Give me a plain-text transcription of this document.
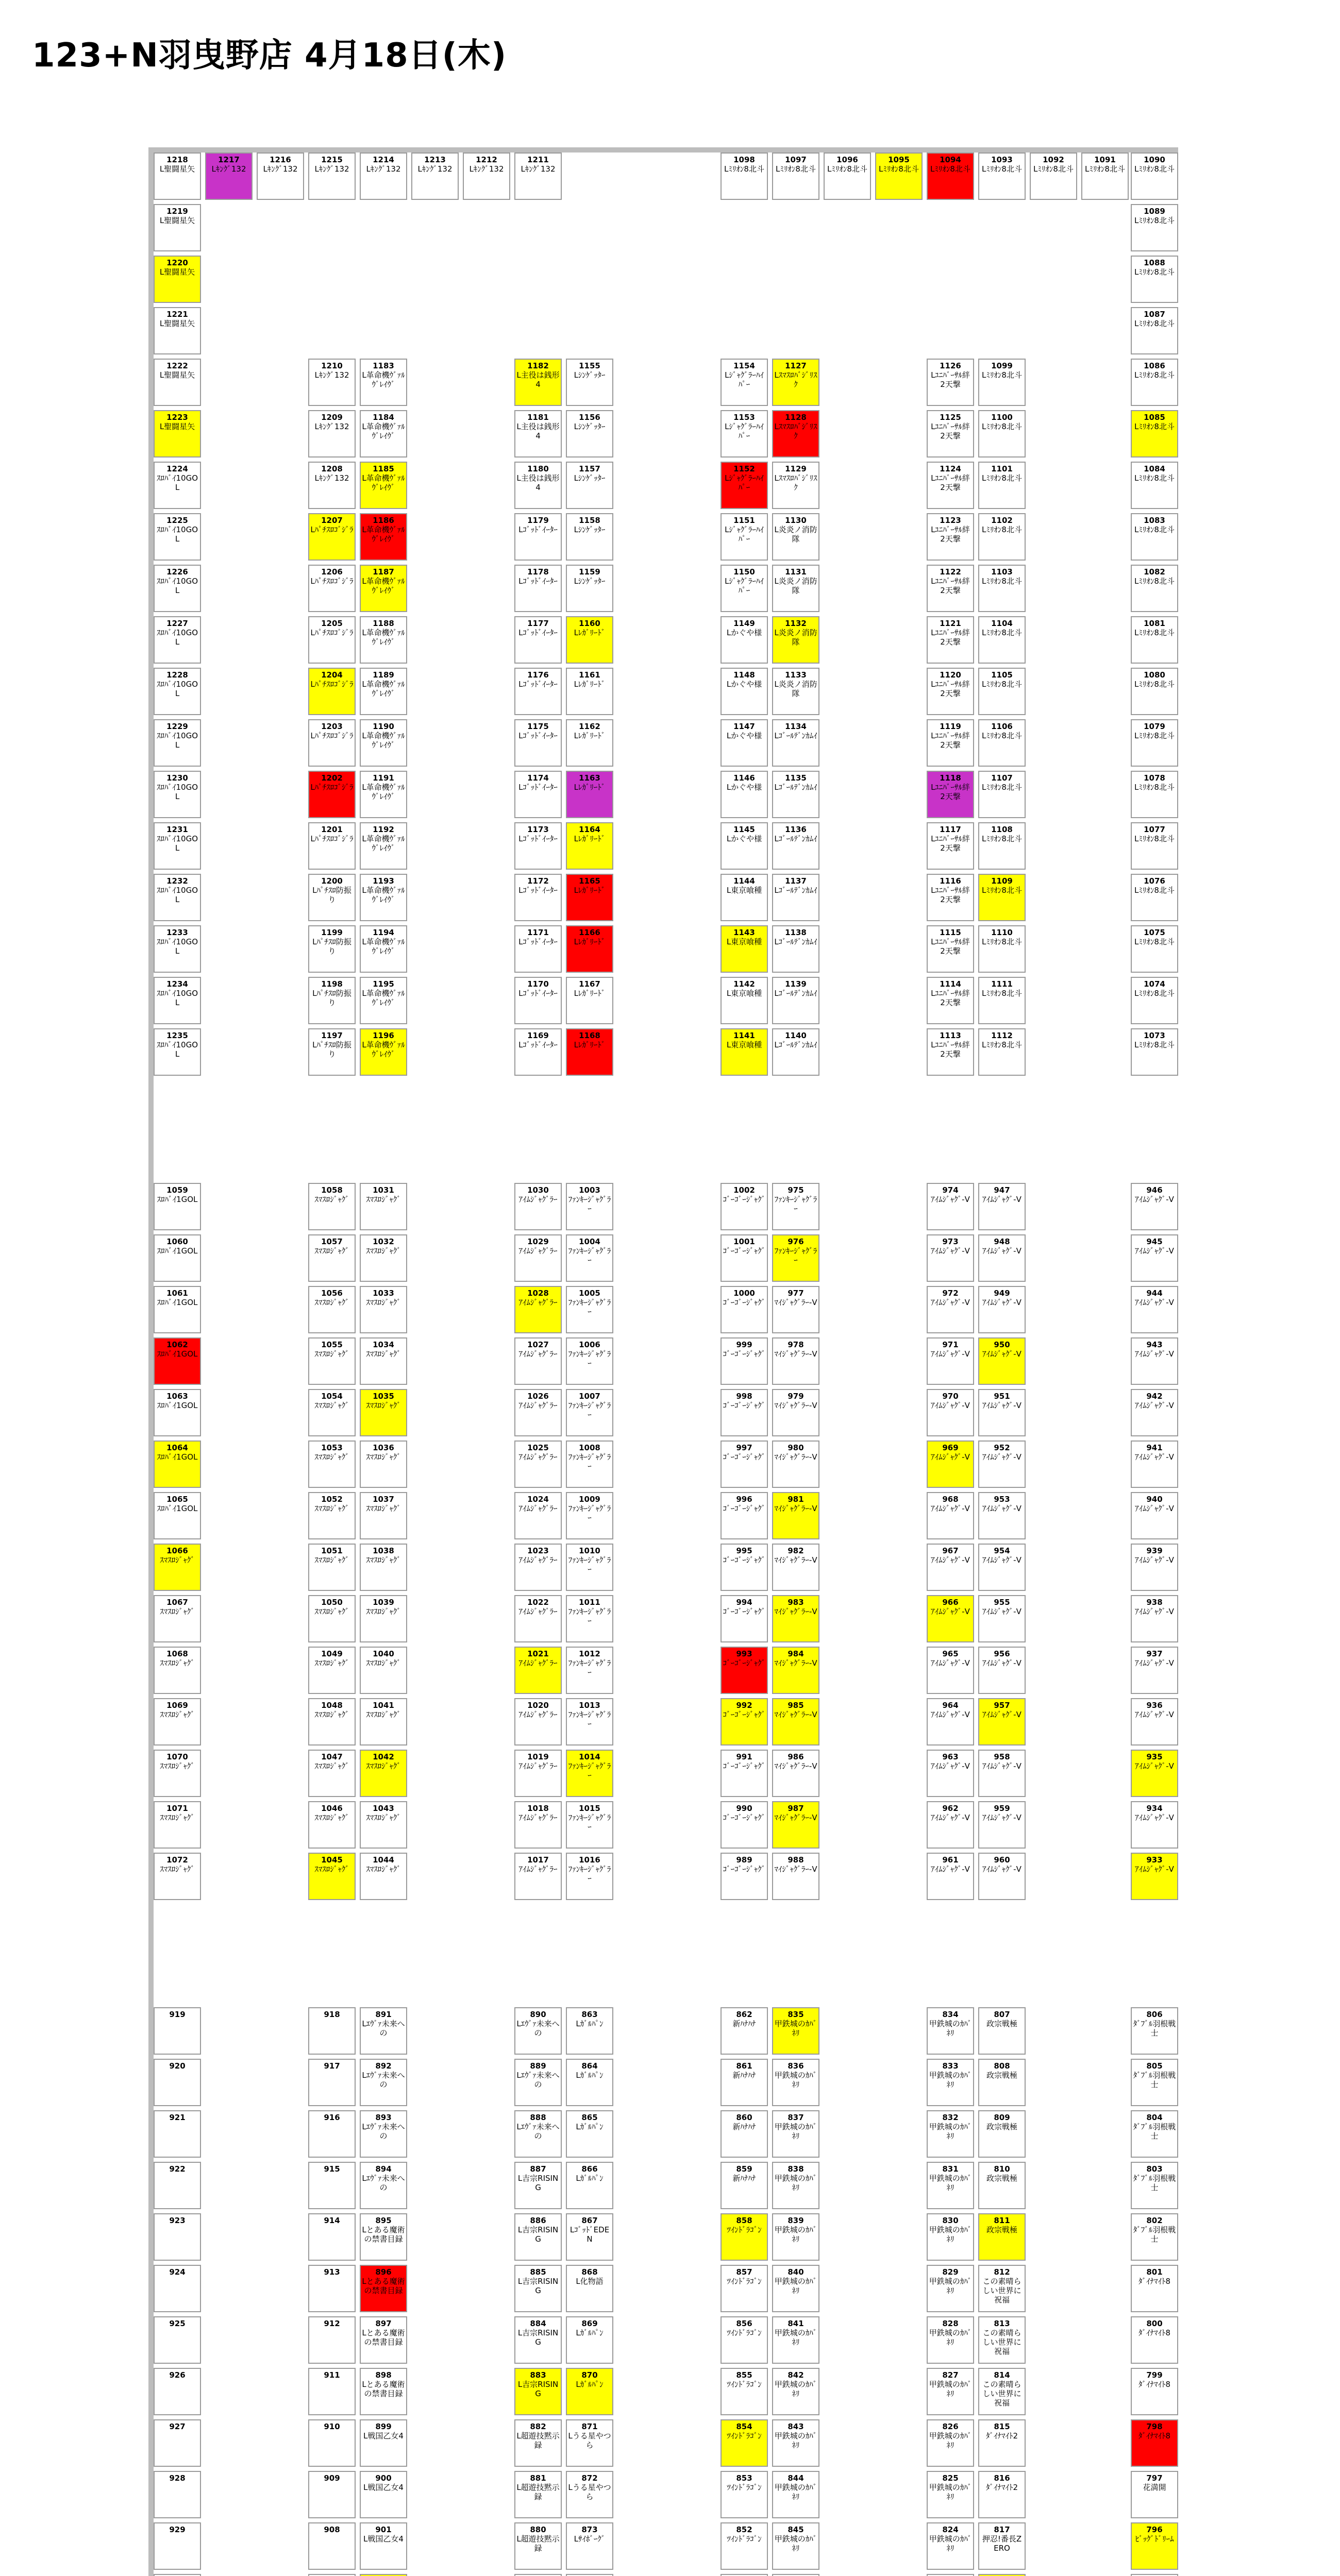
123+N羽曳野店 4月18日(木)
1218
L聖闘星矢
1217
Lｷﾝｸﾞ132
1216
Lｷﾝｸﾞ132
1215
Lｷﾝｸﾞ132
1214
Lｷﾝｸﾞ132
1213
Lｷﾝｸﾞ132
1212
Lｷﾝｸﾞ132
1211
Lｷﾝｸﾞ132
1098
Lﾐﾘｵﾝ8北斗
1097
Lﾐﾘｵﾝ8北斗
1096
Lﾐﾘｵﾝ8北斗
1095
Lﾐﾘｵﾝ8北斗
1094
Lﾐﾘｵﾝ8北斗
1093
Lﾐﾘｵﾝ8北斗
1092
Lﾐﾘｵﾝ8北斗
1091
Lﾐﾘｵﾝ8北斗
1090
Lﾐﾘｵﾝ8北斗
1219
L聖闘星矢
1220
L聖闘星矢
1221
L聖闘星矢
1222
L聖闘星矢
1223
L聖闘星矢
1224
ｽﾛﾊﾞｲ10GOL
1225
ｽﾛﾊﾞｲ10GOL
1226
ｽﾛﾊﾞｲ10GOL
1227
ｽﾛﾊﾞｲ10GOL
1228
ｽﾛﾊﾞｲ10GOL
1229
ｽﾛﾊﾞｲ10GOL
1230
ｽﾛﾊﾞｲ10GOL
1231
ｽﾛﾊﾞｲ10GOL
1232
ｽﾛﾊﾞｲ10GOL
1233
ｽﾛﾊﾞｲ10GOL
1234
ｽﾛﾊﾞｲ10GOL
1235
ｽﾛﾊﾞｲ10GOL
1059
ｽﾛﾊﾞｲ1GOL
1060
ｽﾛﾊﾞｲ1GOL
1061
ｽﾛﾊﾞｲ1GOL
1062
ｽﾛﾊﾞｲ1GOL
1063
ｽﾛﾊﾞｲ1GOL
1064
ｽﾛﾊﾞｲ1GOL
1065
ｽﾛﾊﾞｲ1GOL
1066
ｽﾏｽﾛｼﾞｬｸﾞ
1067
ｽﾏｽﾛｼﾞｬｸﾞ
1068
ｽﾏｽﾛｼﾞｬｸﾞ
1069
ｽﾏｽﾛｼﾞｬｸﾞ
1070
ｽﾏｽﾛｼﾞｬｸﾞ
1071
ｽﾏｽﾛｼﾞｬｸﾞ
1072
ｽﾏｽﾛｼﾞｬｸﾞ
919
920
921
922
923
924
925
926
927
928
929
1089
Lﾐﾘｵﾝ8北斗
1088
Lﾐﾘｵﾝ8北斗
1087
Lﾐﾘｵﾝ8北斗
1086
Lﾐﾘｵﾝ8北斗
1085
Lﾐﾘｵﾝ8北斗
1084
Lﾐﾘｵﾝ8北斗
1083
Lﾐﾘｵﾝ8北斗
1082
Lﾐﾘｵﾝ8北斗
1081
Lﾐﾘｵﾝ8北斗
1080
Lﾐﾘｵﾝ8北斗
1079
Lﾐﾘｵﾝ8北斗
1078
Lﾐﾘｵﾝ8北斗
1077
Lﾐﾘｵﾝ8北斗
1076
Lﾐﾘｵﾝ8北斗
1075
Lﾐﾘｵﾝ8北斗
1074
Lﾐﾘｵﾝ8北斗
1073
Lﾐﾘｵﾝ8北斗
946
ｱｲﾑｼﾞｬｸﾞ-V
945
ｱｲﾑｼﾞｬｸﾞ-V
944
ｱｲﾑｼﾞｬｸﾞ-V
943
ｱｲﾑｼﾞｬｸﾞ-V
942
ｱｲﾑｼﾞｬｸﾞ-V
941
ｱｲﾑｼﾞｬｸﾞ-V
940
ｱｲﾑｼﾞｬｸﾞ-V
939
ｱｲﾑｼﾞｬｸﾞ-V
938
ｱｲﾑｼﾞｬｸﾞ-V
937
ｱｲﾑｼﾞｬｸﾞ-V
936
ｱｲﾑｼﾞｬｸﾞ-V
935
ｱｲﾑｼﾞｬｸﾞ-V
934
ｱｲﾑｼﾞｬｸﾞ-V
933
ｱｲﾑｼﾞｬｸﾞ-V
806
ﾀﾞﾌﾞﾙ羽根戦士
805
ﾀﾞﾌﾞﾙ羽根戦士
804
ﾀﾞﾌﾞﾙ羽根戦士
803
ﾀﾞﾌﾞﾙ羽根戦士
802
ﾀﾞﾌﾞﾙ羽根戦士
801
ﾀﾞｲﾅﾏｲﾄ8
800
ﾀﾞｲﾅﾏｲﾄ8
799
ﾀﾞｲﾅﾏｲﾄ8
798
ﾀﾞｲﾅﾏｲﾄ8
797
花満開
796
ﾋﾞｯｸﾞﾄﾞﾘｰﾑ
1210
Lｷﾝｸﾞ132
1209
Lｷﾝｸﾞ132
1208
Lｷﾝｸﾞ132
1207
Lﾊﾟﾁｽﾛｺﾞｼﾞﾗ
1206
Lﾊﾟﾁｽﾛｺﾞｼﾞﾗ
1205
Lﾊﾟﾁｽﾛｺﾞｼﾞﾗ
1204
Lﾊﾟﾁｽﾛｺﾞｼﾞﾗ
1203
Lﾊﾟﾁｽﾛｺﾞｼﾞﾗ
1202
Lﾊﾟﾁｽﾛｺﾞｼﾞﾗ
1201
Lﾊﾟﾁｽﾛｺﾞｼﾞﾗ
1200
Lﾊﾟﾁｽﾛ防振り
1199
Lﾊﾟﾁｽﾛ防振り
1198
Lﾊﾟﾁｽﾛ防振り
1197
Lﾊﾟﾁｽﾛ防振り
1183
L革命機ｳﾞｧﾙｳﾞﾚｲｳﾞ
1184
L革命機ｳﾞｧﾙｳﾞﾚｲｳﾞ
1185
L革命機ｳﾞｧﾙｳﾞﾚｲｳﾞ
1186
L革命機ｳﾞｧﾙｳﾞﾚｲｳﾞ
1187
L革命機ｳﾞｧﾙｳﾞﾚｲｳﾞ
1188
L革命機ｳﾞｧﾙｳﾞﾚｲｳﾞ
1189
L革命機ｳﾞｧﾙｳﾞﾚｲｳﾞ
1190
L革命機ｳﾞｧﾙｳﾞﾚｲｳﾞ
1191
L革命機ｳﾞｧﾙｳﾞﾚｲｳﾞ
1192
L革命機ｳﾞｧﾙｳﾞﾚｲｳﾞ
1193
L革命機ｳﾞｧﾙｳﾞﾚｲｳﾞ
1194
L革命機ｳﾞｧﾙｳﾞﾚｲｳﾞ
1195
L革命機ｳﾞｧﾙｳﾞﾚｲｳﾞ
1196
L革命機ｳﾞｧﾙｳﾞﾚｲｳﾞ
1182
L主役は銭形4
1181
L主役は銭形4
1180
L主役は銭形4
1179
Lｺﾞｯﾄﾞｲｰﾀｰ
1178
Lｺﾞｯﾄﾞｲｰﾀｰ
1177
Lｺﾞｯﾄﾞｲｰﾀｰ
1176
Lｺﾞｯﾄﾞｲｰﾀｰ
1175
Lｺﾞｯﾄﾞｲｰﾀｰ
1174
Lｺﾞｯﾄﾞｲｰﾀｰ
1173
Lｺﾞｯﾄﾞｲｰﾀｰ
1172
Lｺﾞｯﾄﾞｲｰﾀｰ
1171
Lｺﾞｯﾄﾞｲｰﾀｰ
1170
Lｺﾞｯﾄﾞｲｰﾀｰ
1169
Lｺﾞｯﾄﾞｲｰﾀｰ
1155
Lｼﾝｹﾞｯﾀｰ
1156
Lｼﾝｹﾞｯﾀｰ
1157
Lｼﾝｹﾞｯﾀｰ
1158
Lｼﾝｹﾞｯﾀｰ
1159
Lｼﾝｹﾞｯﾀｰ
1160
Lﾚｶﾞﾘｰﾄﾞ
1161
Lﾚｶﾞﾘｰﾄﾞ
1162
Lﾚｶﾞﾘｰﾄﾞ
1163
Lﾚｶﾞﾘｰﾄﾞ
1164
Lﾚｶﾞﾘｰﾄﾞ
1165
Lﾚｶﾞﾘｰﾄﾞ
1166
Lﾚｶﾞﾘｰﾄﾞ
1167
Lﾚｶﾞﾘｰﾄﾞ
1168
Lﾚｶﾞﾘｰﾄﾞ
1154
Lｼﾞｬｸﾞﾗｰﾊｲﾊﾟｰ
1153
Lｼﾞｬｸﾞﾗｰﾊｲﾊﾟｰ
1152
Lｼﾞｬｸﾞﾗｰﾊｲﾊﾟｰ
1151
Lｼﾞｬｸﾞﾗｰﾊｲﾊﾟｰ
1150
Lｼﾞｬｸﾞﾗｰﾊｲﾊﾟｰ
1149
Lかぐや様
1148
Lかぐや様
1147
Lかぐや様
1146
Lかぐや様
1145
Lかぐや様
1144
L東京喰種
1143
L東京喰種
1142
L東京喰種
1141
L東京喰種
1127
Lｽﾏｽﾛﾊﾞｼﾞﾘｽｸ
1128
Lｽﾏｽﾛﾊﾞｼﾞﾘｽｸ
1129
Lｽﾏｽﾛﾊﾞｼﾞﾘｽｸ
1130
L炎炎ノ消防隊
1131
L炎炎ノ消防隊
1132
L炎炎ノ消防隊
1133
L炎炎ノ消防隊
1134
Lｺﾞｰﾙﾃﾞﾝｶﾑｲ
1135
Lｺﾞｰﾙﾃﾞﾝｶﾑｲ
1136
Lｺﾞｰﾙﾃﾞﾝｶﾑｲ
1137
Lｺﾞｰﾙﾃﾞﾝｶﾑｲ
1138
Lｺﾞｰﾙﾃﾞﾝｶﾑｲ
1139
Lｺﾞｰﾙﾃﾞﾝｶﾑｲ
1140
Lｺﾞｰﾙﾃﾞﾝｶﾑｲ
1126
Lﾕﾆﾊﾞｰｻﾙ絆2天撃
1125
Lﾕﾆﾊﾞｰｻﾙ絆2天撃
1124
Lﾕﾆﾊﾞｰｻﾙ絆2天撃
1123
Lﾕﾆﾊﾞｰｻﾙ絆2天撃
1122
Lﾕﾆﾊﾞｰｻﾙ絆2天撃
1121
Lﾕﾆﾊﾞｰｻﾙ絆2天撃
1120
Lﾕﾆﾊﾞｰｻﾙ絆2天撃
1119
Lﾕﾆﾊﾞｰｻﾙ絆2天撃
1118
Lﾕﾆﾊﾞｰｻﾙ絆2天撃
1117
Lﾕﾆﾊﾞｰｻﾙ絆2天撃
1116
Lﾕﾆﾊﾞｰｻﾙ絆2天撃
1115
Lﾕﾆﾊﾞｰｻﾙ絆2天撃
1114
Lﾕﾆﾊﾞｰｻﾙ絆2天撃
1113
Lﾕﾆﾊﾞｰｻﾙ絆2天撃
1099
Lﾐﾘｵﾝ8北斗
1100
Lﾐﾘｵﾝ8北斗
1101
Lﾐﾘｵﾝ8北斗
1102
Lﾐﾘｵﾝ8北斗
1103
Lﾐﾘｵﾝ8北斗
1104
Lﾐﾘｵﾝ8北斗
1105
Lﾐﾘｵﾝ8北斗
1106
Lﾐﾘｵﾝ8北斗
1107
Lﾐﾘｵﾝ8北斗
1108
Lﾐﾘｵﾝ8北斗
1109
Lﾐﾘｵﾝ8北斗
1110
Lﾐﾘｵﾝ8北斗
1111
Lﾐﾘｵﾝ8北斗
1112
Lﾐﾘｵﾝ8北斗
1058
ｽﾏｽﾛｼﾞｬｸﾞ
1057
ｽﾏｽﾛｼﾞｬｸﾞ
1056
ｽﾏｽﾛｼﾞｬｸﾞ
1055
ｽﾏｽﾛｼﾞｬｸﾞ
1054
ｽﾏｽﾛｼﾞｬｸﾞ
1053
ｽﾏｽﾛｼﾞｬｸﾞ
1052
ｽﾏｽﾛｼﾞｬｸﾞ
1051
ｽﾏｽﾛｼﾞｬｸﾞ
1050
ｽﾏｽﾛｼﾞｬｸﾞ
1049
ｽﾏｽﾛｼﾞｬｸﾞ
1048
ｽﾏｽﾛｼﾞｬｸﾞ
1047
ｽﾏｽﾛｼﾞｬｸﾞ
1046
ｽﾏｽﾛｼﾞｬｸﾞ
1045
ｽﾏｽﾛｼﾞｬｸﾞ
1031
ｽﾏｽﾛｼﾞｬｸﾞ
1032
ｽﾏｽﾛｼﾞｬｸﾞ
1033
ｽﾏｽﾛｼﾞｬｸﾞ
1034
ｽﾏｽﾛｼﾞｬｸﾞ
1035
ｽﾏｽﾛｼﾞｬｸﾞ
1036
ｽﾏｽﾛｼﾞｬｸﾞ
1037
ｽﾏｽﾛｼﾞｬｸﾞ
1038
ｽﾏｽﾛｼﾞｬｸﾞ
1039
ｽﾏｽﾛｼﾞｬｸﾞ
1040
ｽﾏｽﾛｼﾞｬｸﾞ
1041
ｽﾏｽﾛｼﾞｬｸﾞ
1042
ｽﾏｽﾛｼﾞｬｸﾞ
1043
ｽﾏｽﾛｼﾞｬｸﾞ
1044
ｽﾏｽﾛｼﾞｬｸﾞ
1030
ｱｲﾑｼﾞｬｸﾞﾗｰ
1029
ｱｲﾑｼﾞｬｸﾞﾗｰ
1028
ｱｲﾑｼﾞｬｸﾞﾗｰ
1027
ｱｲﾑｼﾞｬｸﾞﾗｰ
1026
ｱｲﾑｼﾞｬｸﾞﾗｰ
1025
ｱｲﾑｼﾞｬｸﾞﾗｰ
1024
ｱｲﾑｼﾞｬｸﾞﾗｰ
1023
ｱｲﾑｼﾞｬｸﾞﾗｰ
1022
ｱｲﾑｼﾞｬｸﾞﾗｰ
1021
ｱｲﾑｼﾞｬｸﾞﾗｰ
1020
ｱｲﾑｼﾞｬｸﾞﾗｰ
1019
ｱｲﾑｼﾞｬｸﾞﾗｰ
1018
ｱｲﾑｼﾞｬｸﾞﾗｰ
1017
ｱｲﾑｼﾞｬｸﾞﾗｰ
1003
ﾌｧﾝｷｰｼﾞｬｸﾞﾗｰ
1004
ﾌｧﾝｷｰｼﾞｬｸﾞﾗｰ
1005
ﾌｧﾝｷｰｼﾞｬｸﾞﾗｰ
1006
ﾌｧﾝｷｰｼﾞｬｸﾞﾗｰ
1007
ﾌｧﾝｷｰｼﾞｬｸﾞﾗｰ
1008
ﾌｧﾝｷｰｼﾞｬｸﾞﾗｰ
1009
ﾌｧﾝｷｰｼﾞｬｸﾞﾗｰ
1010
ﾌｧﾝｷｰｼﾞｬｸﾞﾗｰ
1011
ﾌｧﾝｷｰｼﾞｬｸﾞﾗｰ
1012
ﾌｧﾝｷｰｼﾞｬｸﾞﾗｰ
1013
ﾌｧﾝｷｰｼﾞｬｸﾞﾗｰ
1014
ﾌｧﾝｷｰｼﾞｬｸﾞﾗｰ
1015
ﾌｧﾝｷｰｼﾞｬｸﾞﾗｰ
1016
ﾌｧﾝｷｰｼﾞｬｸﾞﾗｰ
1002
ｺﾞｰｺﾞｰｼﾞｬｸﾞ
1001
ｺﾞｰｺﾞｰｼﾞｬｸﾞ
1000
ｺﾞｰｺﾞｰｼﾞｬｸﾞ
999
ｺﾞｰｺﾞｰｼﾞｬｸﾞ
998
ｺﾞｰｺﾞｰｼﾞｬｸﾞ
997
ｺﾞｰｺﾞｰｼﾞｬｸﾞ
996
ｺﾞｰｺﾞｰｼﾞｬｸﾞ
995
ｺﾞｰｺﾞｰｼﾞｬｸﾞ
994
ｺﾞｰｺﾞｰｼﾞｬｸﾞ
993
ｺﾞｰｺﾞｰｼﾞｬｸﾞ
992
ｺﾞｰｺﾞｰｼﾞｬｸﾞ
991
ｺﾞｰｺﾞｰｼﾞｬｸﾞ
990
ｺﾞｰｺﾞｰｼﾞｬｸﾞ
989
ｺﾞｰｺﾞｰｼﾞｬｸﾞ
975
ﾌｧﾝｷｰｼﾞｬｸﾞﾗｰ
976
ﾌｧﾝｷｰｼﾞｬｸﾞﾗｰ
977
ﾏｲｼﾞｬｸﾞﾗｰ-V
978
ﾏｲｼﾞｬｸﾞﾗｰ-V
979
ﾏｲｼﾞｬｸﾞﾗｰ-V
980
ﾏｲｼﾞｬｸﾞﾗｰ-V
981
ﾏｲｼﾞｬｸﾞﾗｰ-V
982
ﾏｲｼﾞｬｸﾞﾗｰ-V
983
ﾏｲｼﾞｬｸﾞﾗｰ-V
984
ﾏｲｼﾞｬｸﾞﾗｰ-V
985
ﾏｲｼﾞｬｸﾞﾗｰ-V
986
ﾏｲｼﾞｬｸﾞﾗｰ-V
987
ﾏｲｼﾞｬｸﾞﾗｰ-V
988
ﾏｲｼﾞｬｸﾞﾗｰ-V
974
ｱｲﾑｼﾞｬｸﾞ-V
973
ｱｲﾑｼﾞｬｸﾞ-V
972
ｱｲﾑｼﾞｬｸﾞ-V
971
ｱｲﾑｼﾞｬｸﾞ-V
970
ｱｲﾑｼﾞｬｸﾞ-V
969
ｱｲﾑｼﾞｬｸﾞ-V
968
ｱｲﾑｼﾞｬｸﾞ-V
967
ｱｲﾑｼﾞｬｸﾞ-V
966
ｱｲﾑｼﾞｬｸﾞ-V
965
ｱｲﾑｼﾞｬｸﾞ-V
964
ｱｲﾑｼﾞｬｸﾞ-V
963
ｱｲﾑｼﾞｬｸﾞ-V
962
ｱｲﾑｼﾞｬｸﾞ-V
961
ｱｲﾑｼﾞｬｸﾞ-V
947
ｱｲﾑｼﾞｬｸﾞ-V
948
ｱｲﾑｼﾞｬｸﾞ-V
949
ｱｲﾑｼﾞｬｸﾞ-V
950
ｱｲﾑｼﾞｬｸﾞ-V
951
ｱｲﾑｼﾞｬｸﾞ-V
952
ｱｲﾑｼﾞｬｸﾞ-V
953
ｱｲﾑｼﾞｬｸﾞ-V
954
ｱｲﾑｼﾞｬｸﾞ-V
955
ｱｲﾑｼﾞｬｸﾞ-V
956
ｱｲﾑｼﾞｬｸﾞ-V
957
ｱｲﾑｼﾞｬｸﾞ-V
958
ｱｲﾑｼﾞｬｸﾞ-V
959
ｱｲﾑｼﾞｬｸﾞ-V
960
ｱｲﾑｼﾞｬｸﾞ-V
918
917
916
915
914
913
912
911
910
909
908
891
Lｴｳﾞｧ未来への
892
Lｴｳﾞｧ未来への
893
Lｴｳﾞｧ未来への
894
Lｴｳﾞｧ未来への
895
Lとある魔術の禁書目録
896
Lとある魔術の禁書目録
897
Lとある魔術の禁書目録
898
Lとある魔術の禁書目録
899
L戦国乙女4
900
L戦国乙女4
901
L戦国乙女4
890
Lｴｳﾞｧ未来への
889
Lｴｳﾞｧ未来への
888
Lｴｳﾞｧ未来への
887
L吉宗RISING
886
L吉宗RISING
885
L吉宗RISING
884
L吉宗RISING
883
L吉宗RISING
882
L超遊技黙示録
881
L超遊技黙示録
880
L超遊技黙示録
863
Lｶﾞﾙﾊﾟﾝ
864
Lｶﾞﾙﾊﾟﾝ
865
Lｶﾞﾙﾊﾟﾝ
866
Lｶﾞﾙﾊﾟﾝ
867
LｺﾞｯﾄﾞEDEN
868
L化物語
869
Lｶﾞﾙﾊﾟﾝ
870
Lｶﾞﾙﾊﾟﾝ
871
Lうる星やつら
872
Lうる星やつら
873
Lｻｲﾎﾞｰｸﾞ
862
新ﾊﾅﾊﾅ
861
新ﾊﾅﾊﾅ
860
新ﾊﾅﾊﾅ
859
新ﾊﾅﾊﾅ
858
ﾂｲﾝﾄﾞﾗｺﾞﾝ
857
ﾂｲﾝﾄﾞﾗｺﾞﾝ
856
ﾂｲﾝﾄﾞﾗｺﾞﾝ
855
ﾂｲﾝﾄﾞﾗｺﾞﾝ
854
ﾂｲﾝﾄﾞﾗｺﾞﾝ
853
ﾂｲﾝﾄﾞﾗｺﾞﾝ
852
ﾂｲﾝﾄﾞﾗｺﾞﾝ
835
甲鉄城のｶﾊﾞﾈﾘ
836
甲鉄城のｶﾊﾞﾈﾘ
837
甲鉄城のｶﾊﾞﾈﾘ
838
甲鉄城のｶﾊﾞﾈﾘ
839
甲鉄城のｶﾊﾞﾈﾘ
840
甲鉄城のｶﾊﾞﾈﾘ
841
甲鉄城のｶﾊﾞﾈﾘ
842
甲鉄城のｶﾊﾞﾈﾘ
843
甲鉄城のｶﾊﾞﾈﾘ
844
甲鉄城のｶﾊﾞﾈﾘ
845
甲鉄城のｶﾊﾞﾈﾘ
834
甲鉄城のｶﾊﾞﾈﾘ
833
甲鉄城のｶﾊﾞﾈﾘ
832
甲鉄城のｶﾊﾞﾈﾘ
831
甲鉄城のｶﾊﾞﾈﾘ
830
甲鉄城のｶﾊﾞﾈﾘ
829
甲鉄城のｶﾊﾞﾈﾘ
828
甲鉄城のｶﾊﾞﾈﾘ
827
甲鉄城のｶﾊﾞﾈﾘ
826
甲鉄城のｶﾊﾞﾈﾘ
825
甲鉄城のｶﾊﾞﾈﾘ
824
甲鉄城のｶﾊﾞﾈﾘ
807
政宗戦極
808
政宗戦極
809
政宗戦極
810
政宗戦極
811
政宗戦極
812
この素晴らしい世界に祝福
813
この素晴らしい世界に祝福
814
この素晴らしい世界に祝福
815
ﾀﾞｲﾅﾏｲﾄ2
816
ﾀﾞｲﾅﾏｲﾄ2
817
押忍!番長ZERO
